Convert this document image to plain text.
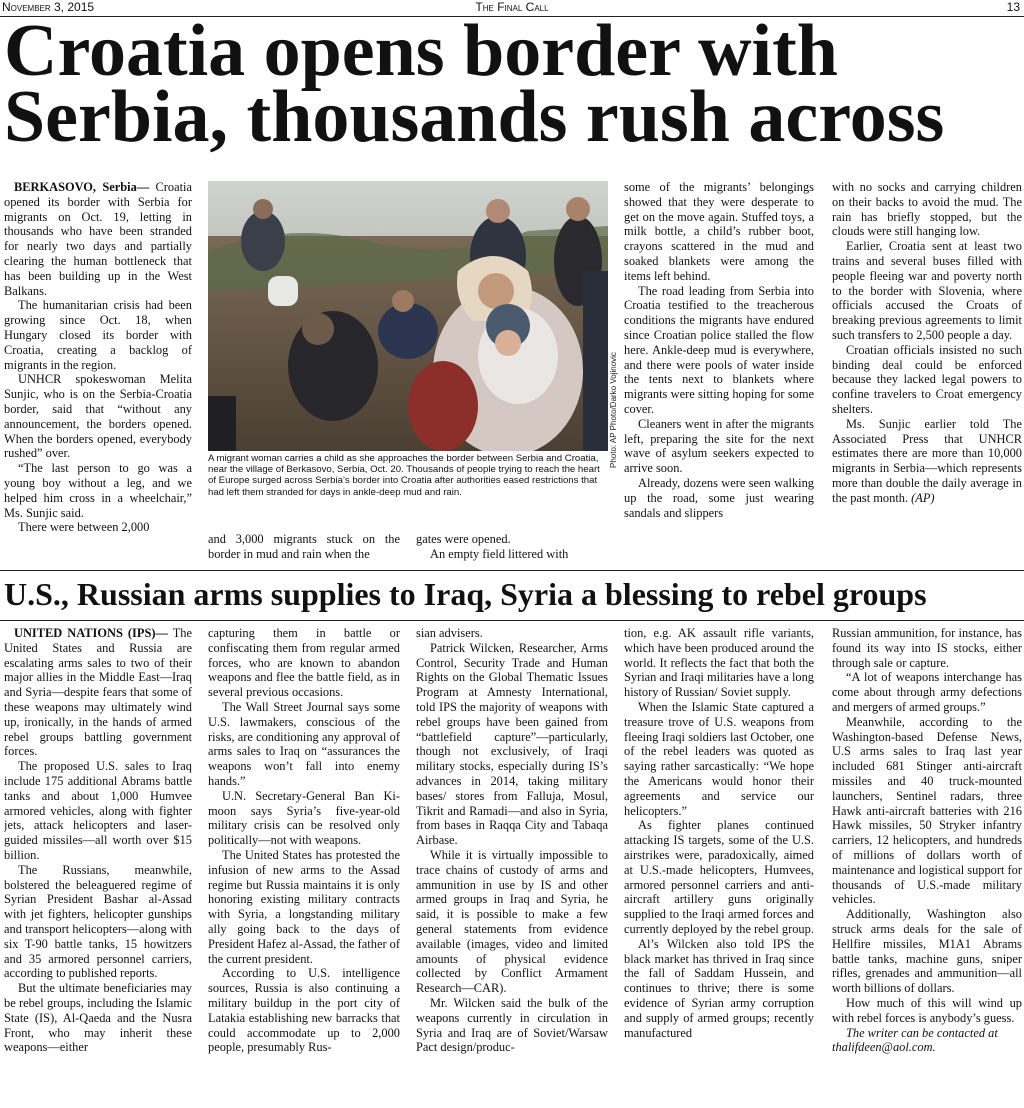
November 3, 2015	The Final Call	13
Croatia opens border with
Serbia, thousands rush across

BERKASOVO, Serbia— Croatia opened its border with Serbia for migrants on Oct. 19, letting in thousands who have been stranded for nearly two days and partially clearing the human bottleneck that has been building up in the West Balkans.

The humanitarian crisis had been growing since Oct. 18, when Hungary closed its border with Croatia, creating a backlog of migrants in the region.

UNHCR spokeswoman Melita Sunjic, who is on the Serbia-Croatia border, said that “without any announcement, the borders opened. When the borders opened, everybody rushed” over.

“The last person to go was a young boy without a leg, and we helped him cross in a wheelchair,” Ms. Sunjic said.

There were between 2,000

Photo: AP Photo/Darko Vojinovic
A migrant woman carries a child as she approaches the border between Serbia and Croatia, near the village of Berkasovo, Serbia, Oct. 20. Thousands of people trying to reach the heart of Europe surged across Serbia’s border into Croatia after authorities eased restrictions that had left them stranded for days in ankle-deep mud and rain.

and 3,000 migrants stuck on the border in mud and rain when the

gates were opened.

An empty field littered with

some of the migrants’ belongings showed that they were desperate to get on the move again. Stuffed toys, a milk bottle, a child’s rubber boot, crayons scattered in the mud and soaked blankets were among the items left behind.

The road leading from Serbia into Croatia testified to the treacherous conditions the migrants have endured since Croatian police stalled the flow here. Ankle-deep mud is everywhere, and there were pools of water inside the tents next to blankets where migrants were sitting hoping for some cover.

Cleaners went in after the migrants left, preparing the site for the next wave of asylum seekers expected to arrive soon.

Already, dozens were seen walking up the road, some just wearing sandals and slippers

with no socks and carrying children on their backs to avoid the mud. The rain has briefly stopped, but the clouds were still hanging low.

Earlier, Croatia sent at least two trains and several buses filled with people fleeing war and poverty north to the border with Slovenia, where officials accused the Croats of breaking previous agreements to limit such transfers to 2,500 people a day.

Croatian officials insisted no such binding deal could be enforced because they lacked legal powers to confine travelers to Croat emergency shelters.

Ms. Sunjic earlier told The Associated Press that UNHCR estimates there are more than 10,000 migrants in Serbia—which represents more than double the daily average in the past month. (AP)

U.S., Russian arms supplies to Iraq, Syria a blessing to rebel groups

UNITED NATIONS (IPS)— The United States and Russia are escalating arms sales to two of their major allies in the Middle East—Iraq and Syria—despite fears that some of these weapons may ultimately wind up, ironically, in the hands of armed rebel groups battling government forces.

The proposed U.S. sales to Iraq include 175 additional Abrams battle tanks and about 1,000 Humvee armored vehicles, along with fighter jets, attack helicopters and laser-guided missiles—all worth over $15 billion.

The Russians, meanwhile, bolstered the beleaguered regime of Syrian President Bashar al-Assad with jet fighters, helicopter gunships and transport helicopters—along with six T-90 battle tanks, 15 howitzers and 35 armored personnel carriers, according to published reports.

But the ultimate beneficiaries may be rebel groups, including the Islamic State (IS), Al-Qaeda and the Nusra Front, who may inherit these weapons—either

capturing them in battle or confiscating them from regular armed forces, who are known to abandon weapons and flee the battle field, as in several previous occasions.

The Wall Street Journal says some U.S. lawmakers, conscious of the risks, are conditioning any approval of arms sales to Iraq on “assurances the weapons won’t fall into enemy hands.”

U.N. Secretary-General Ban Ki-moon says Syria’s five-year-old military crisis can be resolved only politically—not with weapons.

The United States has protested the infusion of new arms to the Assad regime but Russia maintains it is only honoring existing military contracts with Syria, a longstanding military ally going back to the days of President Hafez al-Assad, the father of the current president.

According to U.S. intelligence sources, Russia is also continuing a military buildup in the port city of Latakia establishing new barracks that could accommodate up to 2,000 people, presumably Rus-

sian advisers.

Patrick Wilcken, Researcher, Arms Control, Security Trade and Human Rights on the Global Thematic Issues Program at Amnesty International, told IPS the majority of weapons with rebel groups have been gained from “battlefield capture”—particularly, though not exclusively, of Iraqi military stocks, especially during IS’s advances in 2014, taking military bases/ stores from Falluja, Mosul, Tikrit and Ramadi—and also in Syria, from bases in Raqqa City and Tabaqa Airbase.

While it is virtually impossible to trace chains of custody of arms and ammunition in use by IS and other armed groups in Iraq and Syria, he said, it is possible to make a few general statements from evidence available (images, video and limited amounts of physical evidence collected by Conflict Armament Research—CAR).

Mr. Wilcken said the bulk of the weapons currently in circulation in Syria and Iraq are of Soviet/Warsaw Pact design/produc-

tion, e.g. AK assault rifle variants, which have been produced around the world. It reflects the fact that both the Syrian and Iraqi militaries have a long history of Russian/ Soviet supply.

When the Islamic State captured a treasure trove of U.S. weapons from fleeing Iraqi soldiers last October, one of the rebel leaders was quoted as saying rather sarcastically: “We hope the Americans would honor their agreements and service our helicopters.”

As fighter planes continued attacking IS targets, some of the U.S. airstrikes were, paradoxically, aimed at U.S.-made helicopters, Humvees, armored personnel carriers and anti-aircraft artillery guns originally supplied to the Iraqi armed forces and currently deployed by the rebel group.

Al’s Wilcken also told IPS the black market has thrived in Iraq since the fall of Saddam Hussein, and continues to thrive; there is some evidence of Syrian army corruption and supply of armed groups; recently manufactured

Russian ammunition, for instance, has found its way into IS stocks, either through sale or capture.

“A lot of weapons interchange has come about through army defections and mergers of armed groups.”

Meanwhile, according to the Washington-based Defense News, U.S arms sales to Iraq last year included 681 Stinger anti-aircraft missiles and 40 truck-mounted launchers, Sentinel radars, three Hawk anti-aircraft batteries with 216 Hawk missiles, 50 Stryker infantry carriers, 12 helicopters, and hundreds of millions of dollars worth of maintenance and logistical support for thousands of U.S.-made military vehicles.

Additionally, Washington also struck arms deals for the sale of Hellfire missiles, M1A1 Abrams battle tanks, machine guns, sniper rifles, grenades and ammunition—all worth billions of dollars.

How much of this will wind up with rebel forces is anybody’s guess.

The writer can be contacted at

thalifdeen@aol.com.
